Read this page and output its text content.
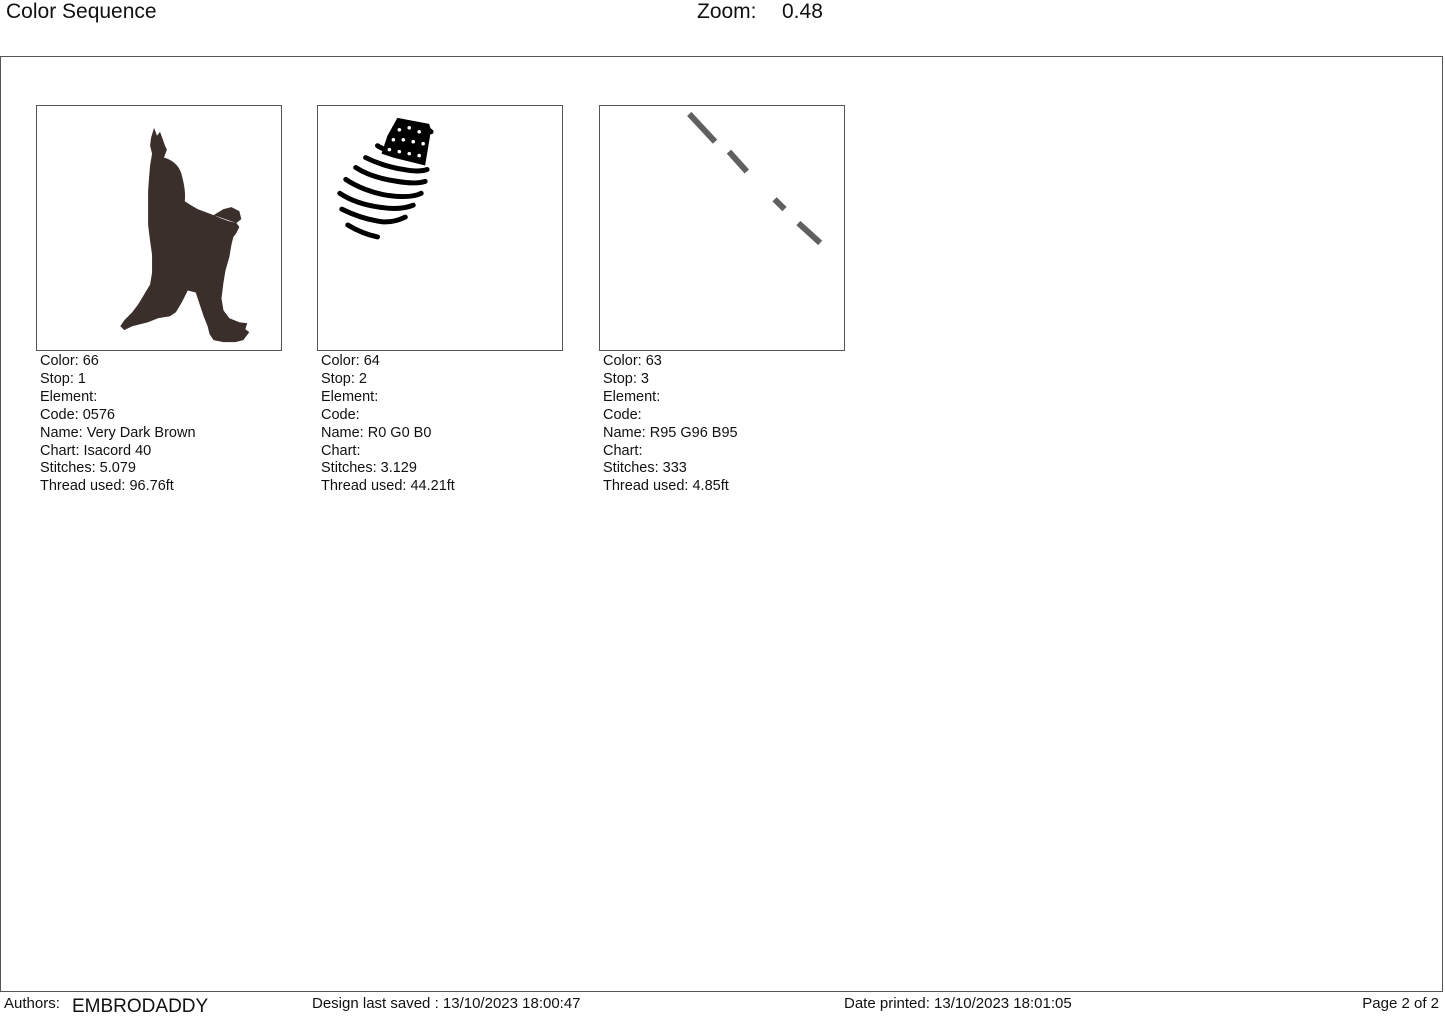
Color Sequence	Zoom: 0.48
Color: 66
Stop: 1
Element:
Code: 0576
Name: Very Dark Brown
Chart: Isacord 40
Stitches: 5.079
Thread used: 96.76ft
Color: 64
Stop: 2
Element:
Code:
Name: R0 G0 B0
Chart:
Stitches: 3.129
Thread used: 44.21ft
Color: 63
Stop: 3
Element:
Code:
Name: R95 G96 B95
Chart:
Stitches: 333
Thread used: 4.85ft
Authors: EMBRODADDY	Design last saved : 13/10/2023 18:00:47	Date printed: 13/10/2023 18:01:05	Page 2 of 2
